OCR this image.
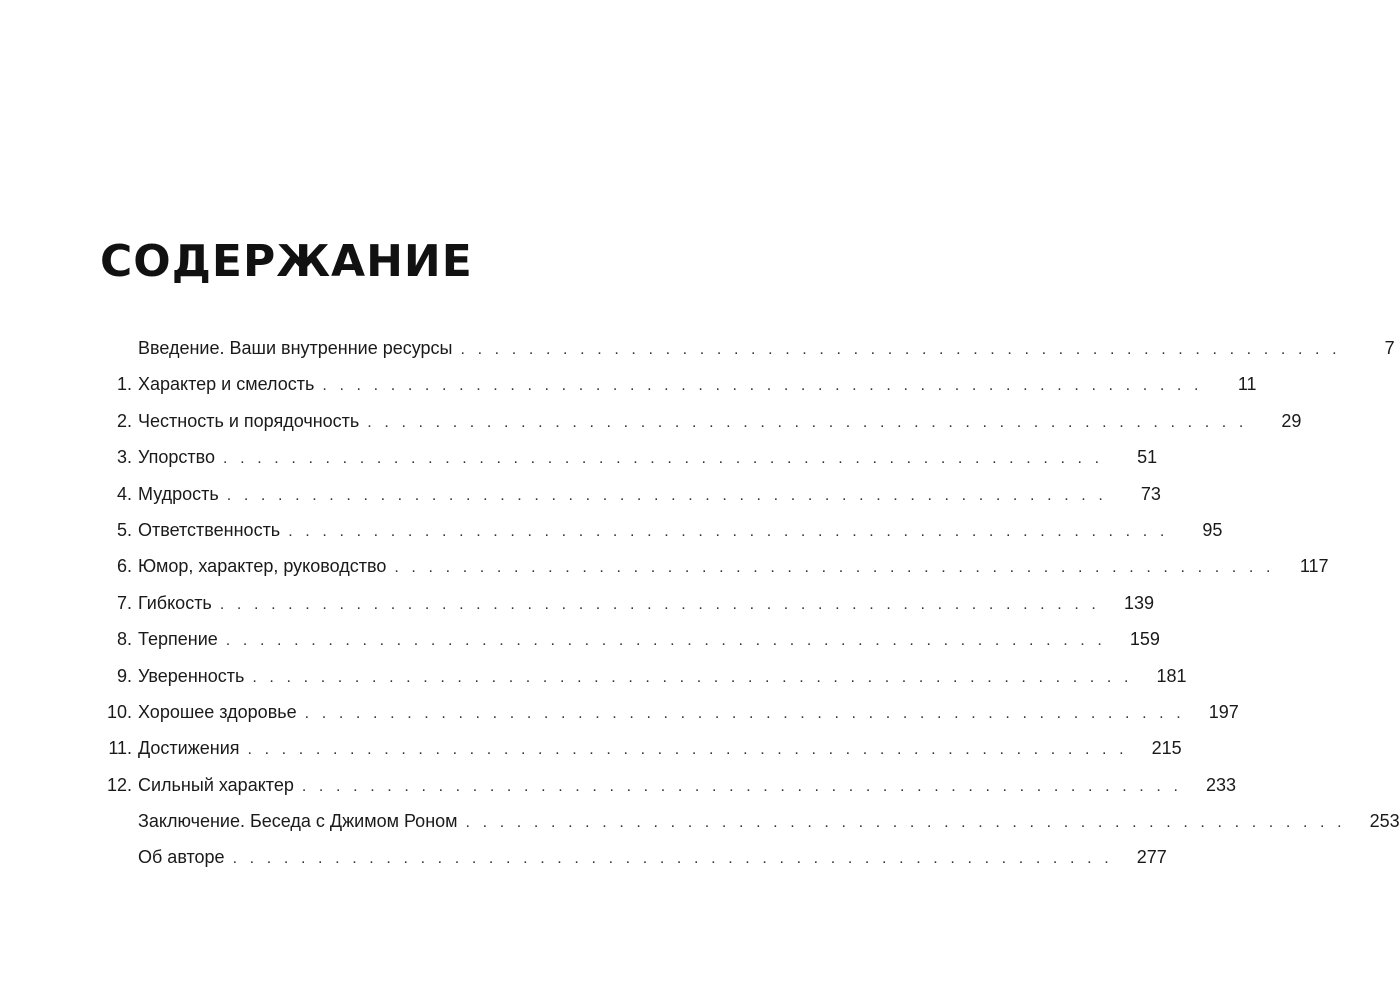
СОДЕРЖАНИЕ
Введение. Ваши внутренние ресурсы . . . . . . . . . . . . . . . . . . . . . . . . . . . . . . . . . . . . . . . . . . . . . . . . . . . .	7
1. Характер и смелость . . . . . . . . . . . . . . . . . . . . . . . . . . . . . . . . . . . . . . . . . . . . . . . . . . . .	11
2. Честность и порядочность . . . . . . . . . . . . . . . . . . . . . . . . . . . . . . . . . . . . . . . . . . . . . . . . . . . .	29
3. Упорство . . . . . . . . . . . . . . . . . . . . . . . . . . . . . . . . . . . . . . . . . . . . . . . . . . . .	51
4. Мудрость . . . . . . . . . . . . . . . . . . . . . . . . . . . . . . . . . . . . . . . . . . . . . . . . . . . .	73
5. Ответственность . . . . . . . . . . . . . . . . . . . . . . . . . . . . . . . . . . . . . . . . . . . . . . . . . . . .	95
6. Юмор, характер, руководство . . . . . . . . . . . . . . . . . . . . . . . . . . . . . . . . . . . . . . . . . . . . . . . . . . . .	117
7. Гибкость . . . . . . . . . . . . . . . . . . . . . . . . . . . . . . . . . . . . . . . . . . . . . . . . . . . .	139
8. Терпение . . . . . . . . . . . . . . . . . . . . . . . . . . . . . . . . . . . . . . . . . . . . . . . . . . . .	159
9. Уверенность . . . . . . . . . . . . . . . . . . . . . . . . . . . . . . . . . . . . . . . . . . . . . . . . . . . .	181
10. Хорошее здоровье . . . . . . . . . . . . . . . . . . . . . . . . . . . . . . . . . . . . . . . . . . . . . . . . . . . .	197
11. Достижения . . . . . . . . . . . . . . . . . . . . . . . . . . . . . . . . . . . . . . . . . . . . . . . . . . . .	215
12. Сильный характер . . . . . . . . . . . . . . . . . . . . . . . . . . . . . . . . . . . . . . . . . . . . . . . . . . . .	233
Заключение. Беседа с Джимом Роном . . . . . . . . . . . . . . . . . . . . . . . . . . . . . . . . . . . . . . . . . . . . . . . . . . . .	253
Об авторе . . . . . . . . . . . . . . . . . . . . . . . . . . . . . . . . . . . . . . . . . . . . . . . . . . . .	277
